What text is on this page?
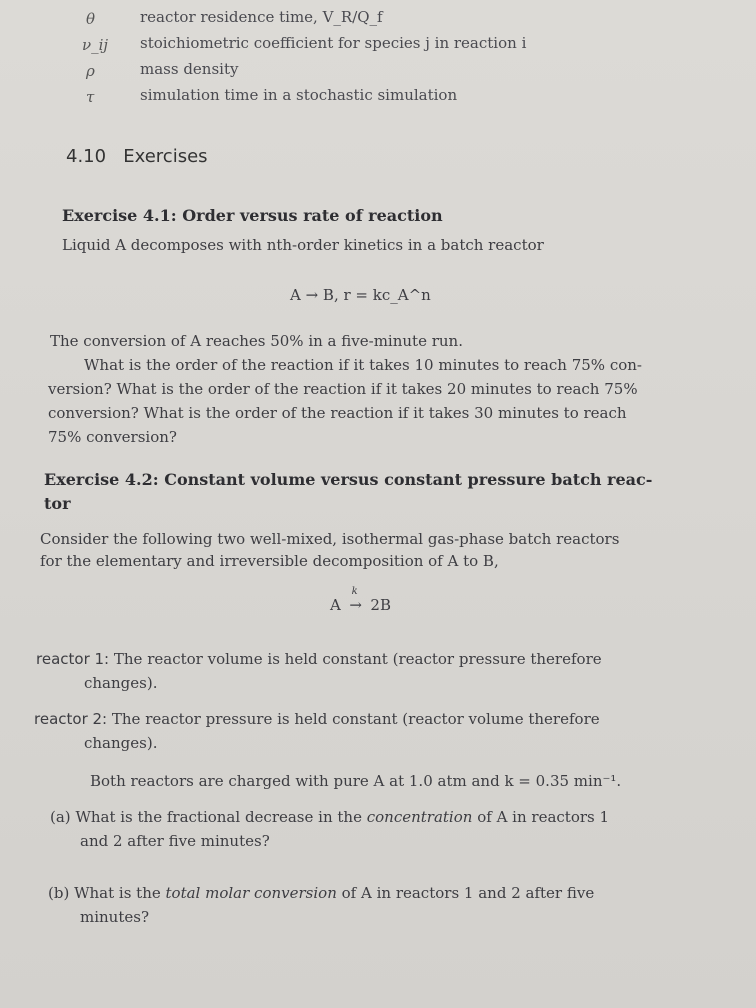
θ	reactor residence time, V_R/Q_f
ν_ij stoichiometric coefficient for species j in reaction i
ρ	mass density
τ	simulation time in a stochastic simulation
4.10 Exercises
Exercise 4.1: Order versus rate of reaction
Liquid A decomposes with nth-order kinetics in a batch reactor
A → B, r = kc_A^n
The conversion of A reaches 50% in a five-minute run.
What is the order of the reaction if it takes 10 minutes to reach 75% con-
version? What is the order of the reaction if it takes 20 minutes to reach 75%
conversion? What is the order of the reaction if it takes 30 minutes to reach
75% conversion?
Exercise 4.2: Constant volume versus constant pressure batch reac-
tor
Consider the following two well-mixed, isothermal gas-phase batch reactors
for the elementary and irreversible decomposition of A to B,
A
k
→ 2B
reactor 1: The reactor volume is held constant (reactor pressure therefore
changes).
reactor 2: The reactor pressure is held constant (reactor volume therefore
changes).
Both reactors are charged with pure A at 1.0 atm and k = 0.35 min⁻¹.
(a) What is the fractional decrease in the concentration of A in reactors 1
and 2 after five minutes?
(b) What is the total molar conversion of A in reactors 1 and 2 after five
minutes?
